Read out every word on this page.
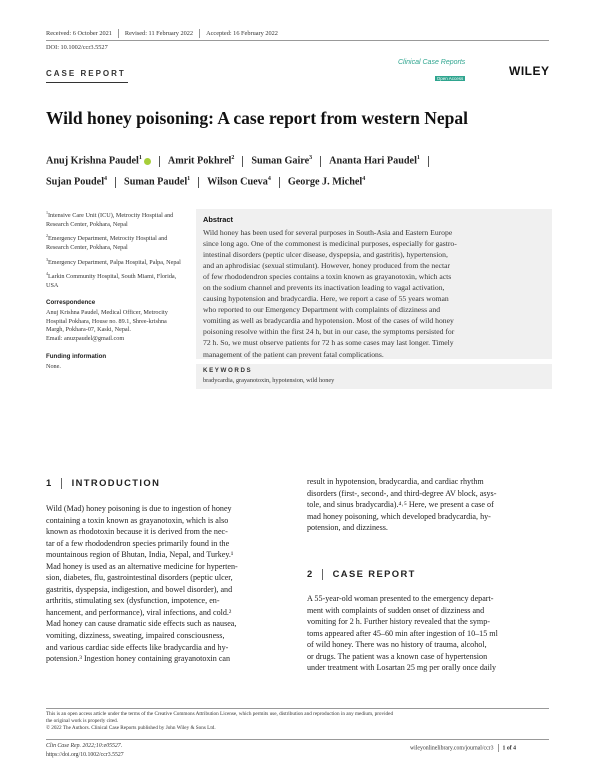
Received: 6 October 2021 Revised: 11 February 2022 Accepted: 16 February 2022
DOI: 10.1002/ccr3.5527
CASE REPORT
Clinical Case Reports
Open Access
WILEY
Wild honey poisoning: A case report from western Nepal
Anuj Krishna Paudel$^1$	Amrit Pokhrel$^2$ Suman Gaire$^3$ Ananta Hari Paudel$^1$
Sujan Poudel$^4$ Suman Paudel$^1$ Wilson Cueva$^4$ George J. Michel$^4$

$^1$Intensive Care Unit (ICU), Metrocity Hospital and Research Center, Pokhara, Nepal

$^2$Emergency Department, Metrocity Hospital and Research Center, Pokhara, Nepal

$^3$Emergency Department, Palpa Hospital, Palpa, Nepal

$^4$Larkin Community Hospital, South Miami, Florida, USA

Correspondence
Anuj Krishna Paudel, Medical Officer, Metrocity Hospital Pokhara, House no. 89.1, Shree-krishna Margh, Pokhara-07, Kaski, Nepal.
Email: anuzpaudel@gmail.com
Funding information
None.
Abstract
Wild honey has been used for several purposes in South-Asia and Eastern Europe
since long ago. One of the commonest is medicinal purposes, especially for gastro-
intestinal disorders (peptic ulcer disease, dyspepsia, and gastritis), hypertension,
and an aphrodisiac (sexual stimulant). However, honey produced from the nectar
of few rhododendron species contains a toxin known as grayanotoxin, which acts
on the sodium channel and prevents its inactivation leading to vagal activation,
causing hypotension and bradycardia. Here, we report a case of 55 years woman
who reported to our Emergency Department with complaints of dizziness and
vomiting as well as bradycardia and hypotension. Most of the cases of wild honey
poisoning resolve within the first 24 h, but in our case, the symptoms persisted for
72 h. So, we must observe patients for 72 h as some cases may last longer. Timely
management of the patient can prevent fatal complications.
KEYWORDS
bradycardia, grayanotoxin, hypotension, wild honey
1 INTRODUCTION
Wild (Mad) honey poisoning is due to ingestion of honey
containing a toxin known as grayanotoxin, which is also
known as rhodotoxin because it is derived from the nec-
tar of a few rhododendron species primarily found in the
mountainous region of Bhutan, India, Nepal, and Turkey.¹
Mad honey is used as an alternative medicine for hyperten-
sion, diabetes, flu, gastrointestinal disorders (peptic ulcer,
gastritis, dyspepsia, indigestion, and bowel disorder), and
arthritis, stimulating sex (dysfunction, impotence, en-
hancement, and performance), viral infections, and cold.²
Mad honey can cause dramatic side effects such as nausea,
vomiting, dizziness, sweating, impaired consciousness,
and various cardiac side effects like bradycardia and hy-
potension.³ Ingestion honey containing grayanotoxin can
result in hypotension, bradycardia, and cardiac rhythm
disorders (first-, second-, and third-degree AV block, asys-
tole, and sinus bradycardia).⁴˒⁵ Here, we present a case of
mad honey poisoning, which developed bradycardia, hy-
potension, and dizziness.
2 CASE REPORT
A 55-year-old woman presented to the emergency depart-
ment with complaints of sudden onset of dizziness and
vomiting for 2 h. Further history revealed that the symp-
toms appeared after 45–60 min after ingestion of 10–15 ml
of wild honey. There was no history of trauma, alcohol,
or drugs. The patient was a known case of hypertension
under treatment with Losartan 25 mg per orally once daily
This is an open access article under the terms of the Creative Commons Attribution License, which permits use, distribution and reproduction in any medium, provided
the original work is properly cited.
© 2022 The Authors. Clinical Case Reports published by John Wiley & Sons Ltd.
Clin Case Rep. 2022;10:e05527.
https://doi.org/10.1002/ccr3.5527
wileyonlinelibrary.com/journal/ccr3 1 of 4
